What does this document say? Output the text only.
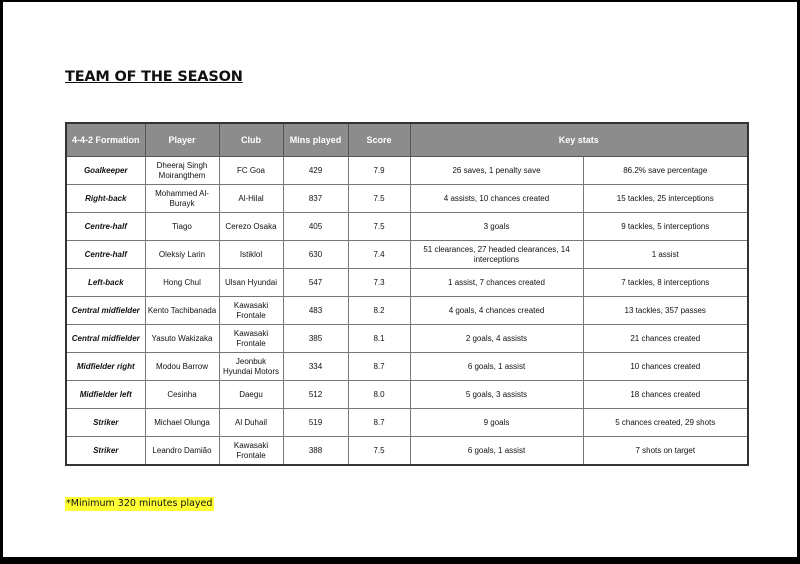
TEAM OF THE SEASON
4-4-2 Formation	Player	Club	Mins played	Score	Key stats	
Goalkeeper	Dheeraj Singh Moirangthem	FC Goa	429	7.9	26 saves, 1 penalty save	86.2% save percentage
Right-back	Mohammed Al-Burayk	Al-Hilal	837	7.5	4 assists, 10 chances created	15 tackles, 25 interceptions
Centre-half	Tiago	Cerezo Osaka	405	7.5	3 goals	9 tackles, 5 interceptions
Centre-half	Oleksiy Larin	Istiklol	630	7.4	51 clearances, 27 headed clearances, 14 interceptions	1 assist
Left-back	Hong Chul	Ulsan Hyundai	547	7.3	1 assist, 7 chances created	7 tackles, 8 interceptions
Central midfielder	Kento Tachibanada	Kawasaki Frontale	483	8.2	4 goals, 4 chances created	13 tackles, 357 passes
Central midfielder	Yasuto Wakizaka	Kawasaki Frontale	385	8.1	2 goals, 4 assists	21 chances created
Midfielder right	Modou Barrow	Jeonbuk Hyundai Motors	334	8.7	6 goals, 1 assist	10 chances created
Midfielder left	Cesinha	Daegu	512	8.0	5 goals, 3 assists	18 chances created
Striker	Michael Olunga	Al Duhail	519	8.7	9 goals	5 chances created, 29 shots
Striker	Leandro Damião	Kawasaki Frontale	388	7.5	6 goals, 1 assist	7 shots on target
*Minimum 320 minutes played
